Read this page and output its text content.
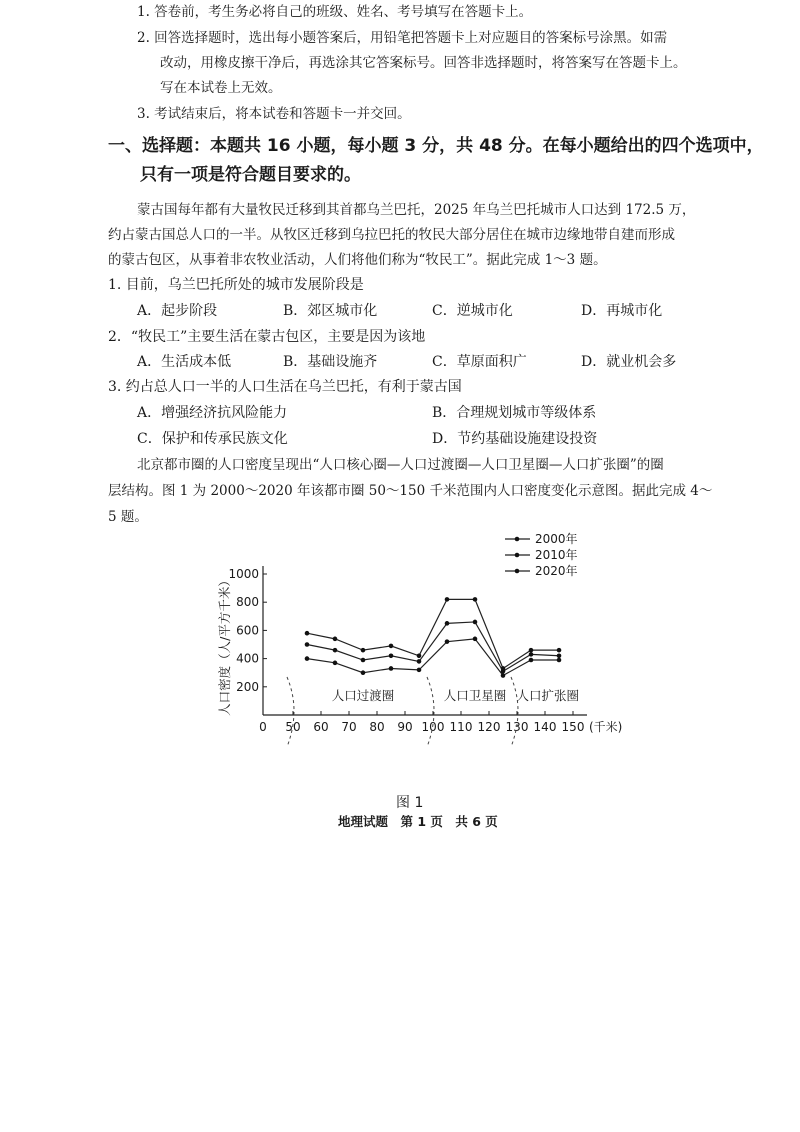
1. 答卷前，考生务必将自己的班级、姓名、考号填写在答题卡上。
2. 回答选择题时，选出每小题答案后，用铅笔把答题卡上对应题目的答案标号涂黑。如需
改动，用橡皮擦干净后，再选涂其它答案标号。回答非选择题时，将答案写在答题卡上。
写在本试卷上无效。
3. 考试结束后，将本试卷和答题卡一并交回。
一、选择题：本题共 16 小题，每小题 3 分，共 48 分。在每小题给出的四个选项中，
只有一项是符合题目要求的。
蒙古国每年都有大量牧民迁移到其首都乌兰巴托，2025 年乌兰巴托城市人口达到 172.5 万，
约占蒙古国总人口的一半。从牧区迁移到乌拉巴托的牧民大部分居住在城市边缘地带自建而形成
的蒙古包区，从事着非农牧业活动，人们将他们称为“牧民工”。据此完成 1～3 题。
1. 目前，乌兰巴托所处的城市发展阶段是
A．起步阶段	B．郊区城市化	C．逆城市化	D．再城市化
2．“牧民工”主要生活在蒙古包区，主要是因为该地
A．生活成本低	B．基础设施齐	C．草原面积广	D．就业机会多
3. 约占总人口一半的人口生活在乌兰巴托，有利于蒙古国
A．增强经济抗风险能力	B．合理规划城市等级体系
C．保护和传承民族文化	D．节约基础设施建设投资
北京都市圈的人口密度呈现出“人口核心圈—人口过渡圈—人口卫星圈—人口扩张圈”的圈
层结构。图 1 为 2000～2020 年该都市圈 50～150 千米范围内人口密度变化示意图。据此完成 4～
5 题。
0 50 60 70 80 90 100 110 120 130 140 150 (千米)
200
400
600
800
1000
人口密度（人/平方千米）	人口过渡圈	人口卫星圈 人口扩张圈
2000年
2010年
2020年
图 1
地理试题　第 1 页　共 6 页
